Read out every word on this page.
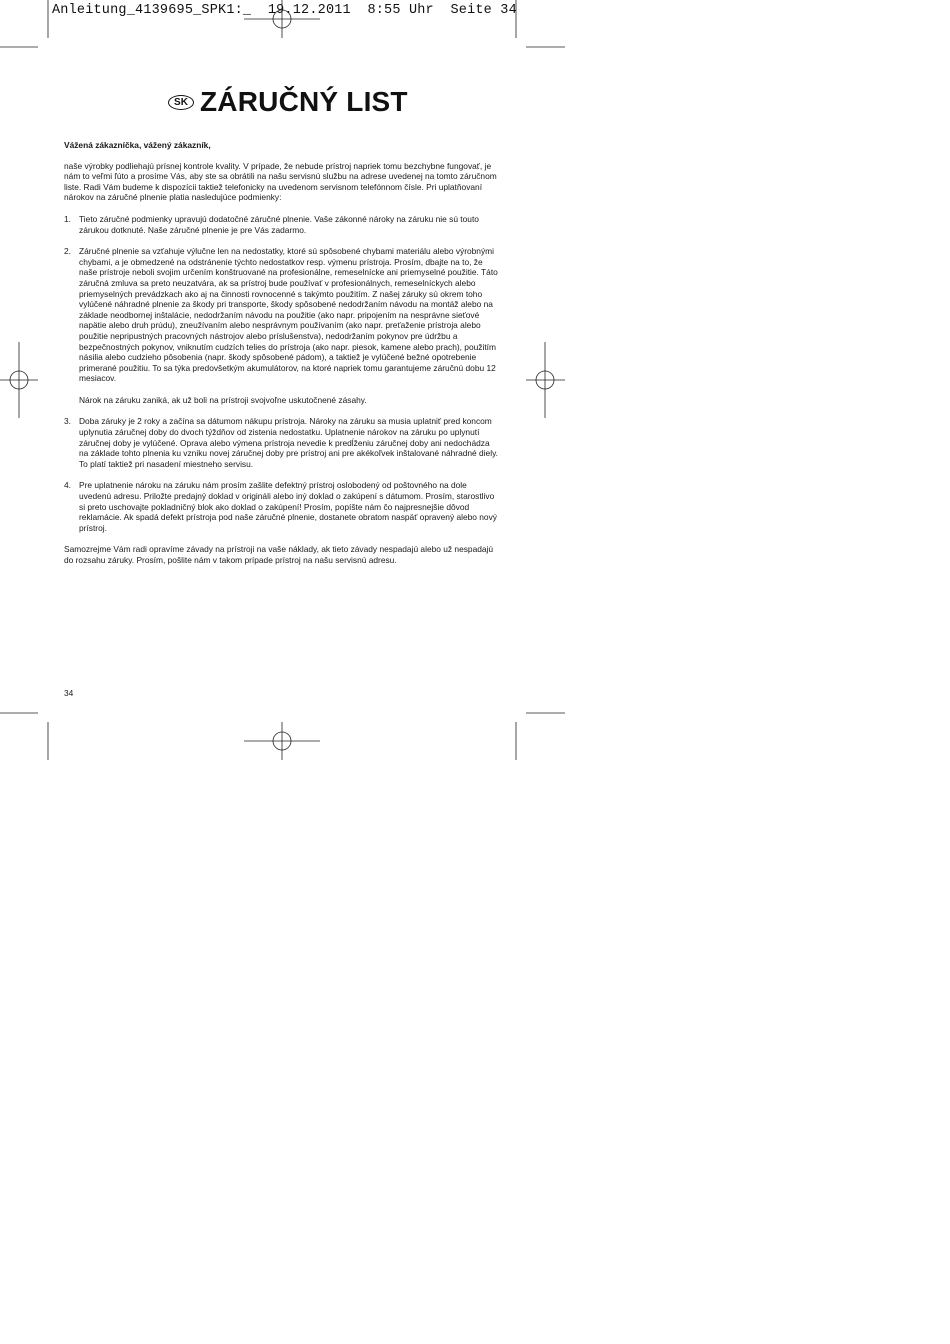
Anleitung_4139695_SPK1:_  19.12.2011  8:55 Uhr  Seite 34
SK ZÁRUČNÝ LIST
Vážená zákazníčka, vážený zákazník,

naše výrobky podliehajú prísnej kontrole kvality. V prípade, že nebude prístroj napriek tomu bezchybne fungovať, je nám to veľmi ľúto a prosíme Vás, aby ste sa obrátili na našu servisnú službu na adrese uvedenej na tomto záručnom liste. Radi Vám budeme k dispozícii taktiež telefonicky na uvedenom servisnom telefónnom čísle. Pri uplatňovaní nárokov na záručné plnenie platia nasledujúce podmienky:

1. Tieto záručné podmienky upravujú dodatočné záručné plnenie. Vaše zákonné nároky na záruku nie sú touto zárukou dotknuté. Naše záručné plnenie je pre Vás zadarmo.

2. Záručné plnenie sa vzťahuje výlučne len na nedostatky, ktoré sú spôsobené chybami materiálu alebo výrobnými chybami, a je obmedzené na odstránenie týchto nedostatkov resp. výmenu prístroja. Prosím, dbajte na to, že naše prístroje neboli svojim určením konštruované na profesionálne, remeselnícke ani priemyselné použitie. Táto záručná zmluva sa preto neuzatvára, ak sa prístroj bude používať v profesionálnych, remeselníckych alebo priemyselných prevádzkach ako aj na činnosti rovnocenné s takýmto použitím. Z našej záruky sú okrem toho vylúčené náhradné plnenie za škody pri transporte, škody spôsobené nedodržaním návodu na montáž alebo na základe neodbornej inštalácie, nedodržaním návodu na použitie (ako napr. pripojením na nesprávne sieťové napätie alebo druh prúdu), zneužívaním alebo nesprávnym používaním (ako napr. preťaženie prístroja alebo použitie nepripustných pracovných nástrojov alebo príslušenstva), nedodržaním pokynov pre údržbu a bezpečnostných pokynov, vniknutím cudzích telies do prístroja (ako napr. piesok, kamene alebo prach), použitím násilia alebo cudzieho pôsobenia (napr. škody spôsobené pádom), a taktiež je vylúčené bežné opotrebenie primerané použitiu. To sa týka predovšetkým akumulátorov, na ktoré napriek tomu garantujeme záručnú dobu 12 mesiacov.

Nárok na záruku zaniká, ak už boli na prístroji svojvoľne uskutočnené zásahy.

3. Doba záruky je 2 roky a začína sa dátumom nákupu prístroja. Nároky na záruku sa musia uplatniť pred koncom uplynutia záručnej doby do dvoch týždňov od zistenia nedostatku. Uplatnenie nárokov na záruku po uplynutí záručnej doby je vylúčené. Oprava alebo výmena prístroja nevedie k predĺženiu záručnej doby ani nedochádza na základe tohto plnenia ku vzniku novej záručnej doby pre prístroj ani pre akékoľvek inštalované náhradné diely. To platí taktiež pri nasadení miestneho servisu.

4. Pre uplatnenie nároku na záruku nám prosím zašlite defektný prístroj oslobodený od poštovného na dole uvedenú adresu. Priložte predajný doklad v origináli alebo iný doklad o zakúpení s dátumom. Prosím, starostlivo si preto uschovajte pokladničný blok ako doklad o zakúpení! Prosím, popíšte nám čo najpresnejšie dôvod reklamácie. Ak spadá defekt prístroja pod naše záručné plnenie, dostanete obratom naspäť opravený alebo nový prístroj.

Samozrejme Vám radi opravíme závady na prístroji na vaše náklady, ak tieto závady nespadajú alebo už nespadajú do rozsahu záruky. Prosím, pošlite nám v takom prípade prístroj na našu servisnú adresu.

34
